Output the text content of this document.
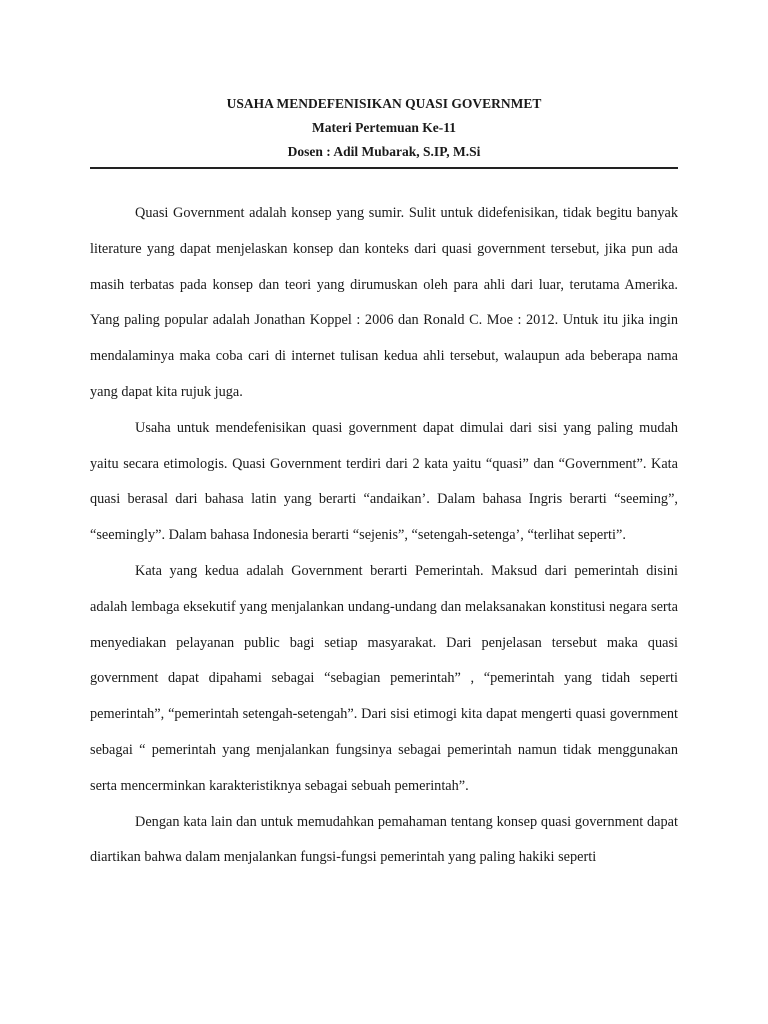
USAHA MENDEFENISIKAN QUASI GOVERNMET
Materi Pertemuan Ke-11
Dosen : Adil Mubarak, S.IP, M.Si

Quasi Government adalah konsep yang sumir. Sulit untuk didefenisikan, tidak begitu banyak literature yang dapat menjelaskan konsep dan konteks dari quasi government tersebut, jika pun ada masih terbatas pada konsep dan teori yang dirumuskan oleh para ahli dari luar, terutama Amerika. Yang paling popular adalah Jonathan Koppel : 2006 dan Ronald C. Moe : 2012. Untuk itu jika ingin mendalaminya maka coba cari di internet tulisan kedua ahli tersebut, walaupun ada beberapa nama yang dapat kita rujuk juga.

Usaha untuk mendefenisikan quasi government dapat dimulai dari sisi yang paling mudah yaitu secara etimologis. Quasi Government terdiri dari 2 kata yaitu “quasi” dan “Government”. Kata quasi berasal dari bahasa latin yang berarti “andaikan’. Dalam bahasa Ingris berarti “seeming”, “seemingly”. Dalam bahasa Indonesia berarti “sejenis”, “setengah-setenga’, “terlihat seperti”.

Kata yang kedua adalah Government berarti Pemerintah. Maksud dari pemerintah disini adalah lembaga eksekutif yang menjalankan undang-undang dan melaksanakan konstitusi negara serta menyediakan pelayanan public bagi setiap masyarakat. Dari penjelasan tersebut maka quasi government dapat dipahami sebagai “sebagian pemerintah” , “pemerintah yang tidah seperti pemerintah”, “pemerintah setengah-setengah”. Dari sisi etimogi kita dapat mengerti quasi government sebagai “ pemerintah yang menjalankan fungsinya sebagai pemerintah namun tidak menggunakan serta mencerminkan karakteristiknya sebagai sebuah pemerintah”.

Dengan kata lain dan untuk memudahkan pemahaman tentang konsep quasi government dapat diartikan bahwa dalam menjalankan fungsi-fungsi pemerintah yang paling hakiki seperti
